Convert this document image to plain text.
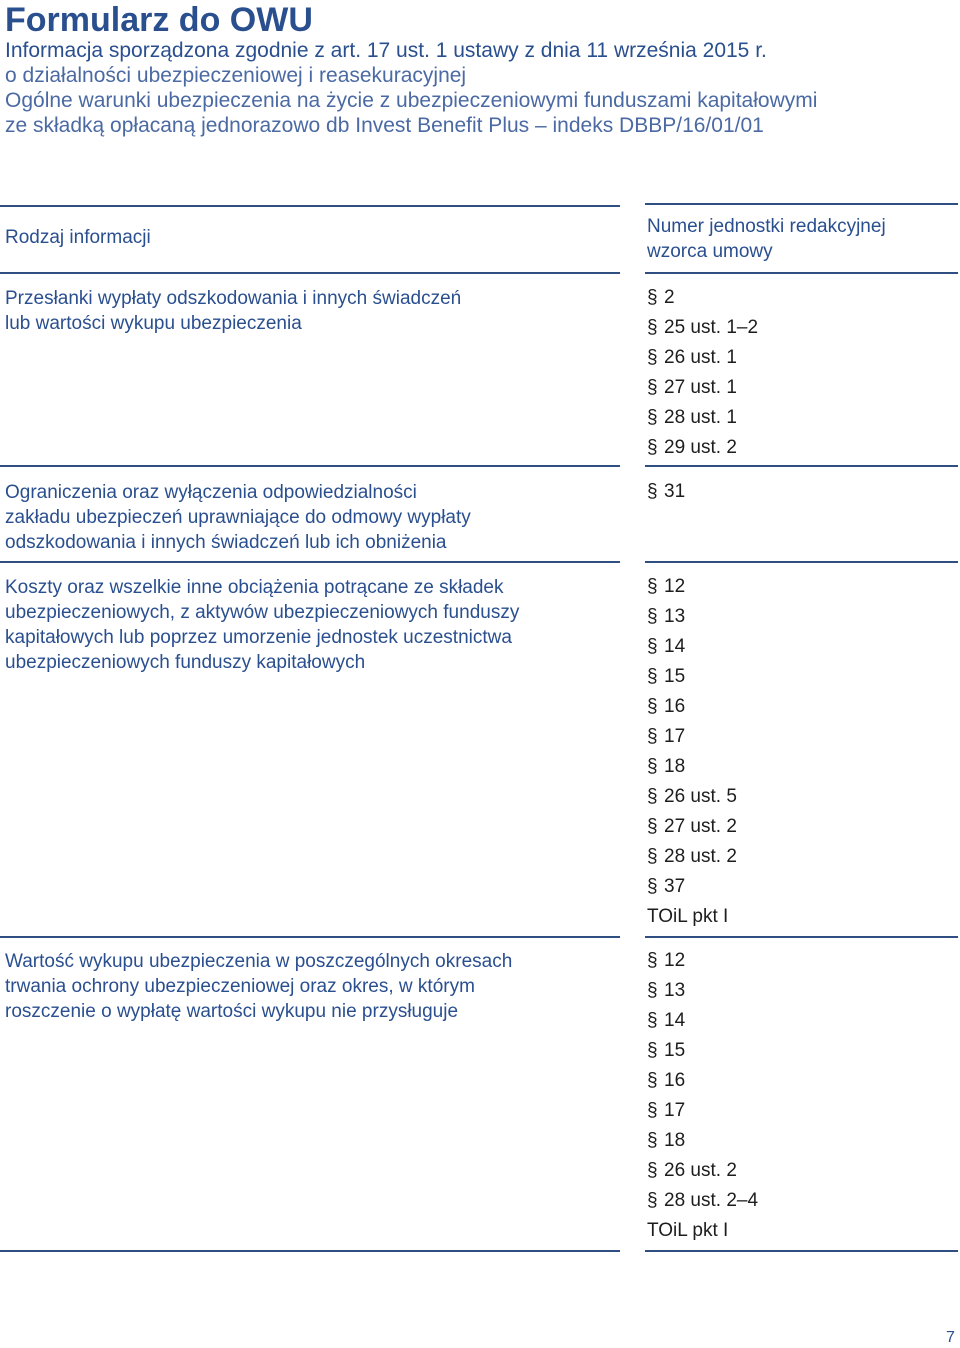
Formularz do OWU
Informacja sporządzona zgodnie z art. 17 ust. 1 ustawy z dnia 11 września 2015 r.
o działalności ubezpieczeniowej i reasekuracyjnej
Ogólne warunki ubezpieczenia na życie z ubezpieczeniowymi funduszami kapitałowymi
ze składką opłacaną jednorazowo db Invest Benefit Plus – indeks DBBP/16/01/01
Rodzaj informacji
Numer jednostki redakcyjnej
wzorca umowy
Przesłanki wypłaty odszkodowania i innych świadczeń
lub wartości wykupu ubezpieczenia
§ 2
§ 25 ust. 1–2
§ 26 ust. 1
§ 27 ust. 1
§ 28 ust. 1
§ 29 ust. 2
Ograniczenia oraz wyłączenia odpowiedzialności
zakładu ubezpieczeń uprawniające do odmowy wypłaty
odszkodowania i innych świadczeń lub ich obniżenia
§ 31
Koszty oraz wszelkie inne obciążenia potrącane ze składek
ubezpieczeniowych, z aktywów ubezpieczeniowych funduszy
kapitałowych lub poprzez umorzenie jednostek uczestnictwa
ubezpieczeniowych funduszy kapitałowych
§ 12
§ 13
§ 14
§ 15
§ 16
§ 17
§ 18
§ 26 ust. 5
§ 27 ust. 2
§ 28 ust. 2
§ 37
TOiL pkt I
Wartość wykupu ubezpieczenia w poszczególnych okresach
trwania ochrony ubezpieczeniowej oraz okres, w którym
roszczenie o wypłatę wartości wykupu nie przysługuje
§ 12
§ 13
§ 14
§ 15
§ 16
§ 17
§ 18
§ 26 ust. 2
§ 28 ust. 2–4
TOiL pkt I
7
